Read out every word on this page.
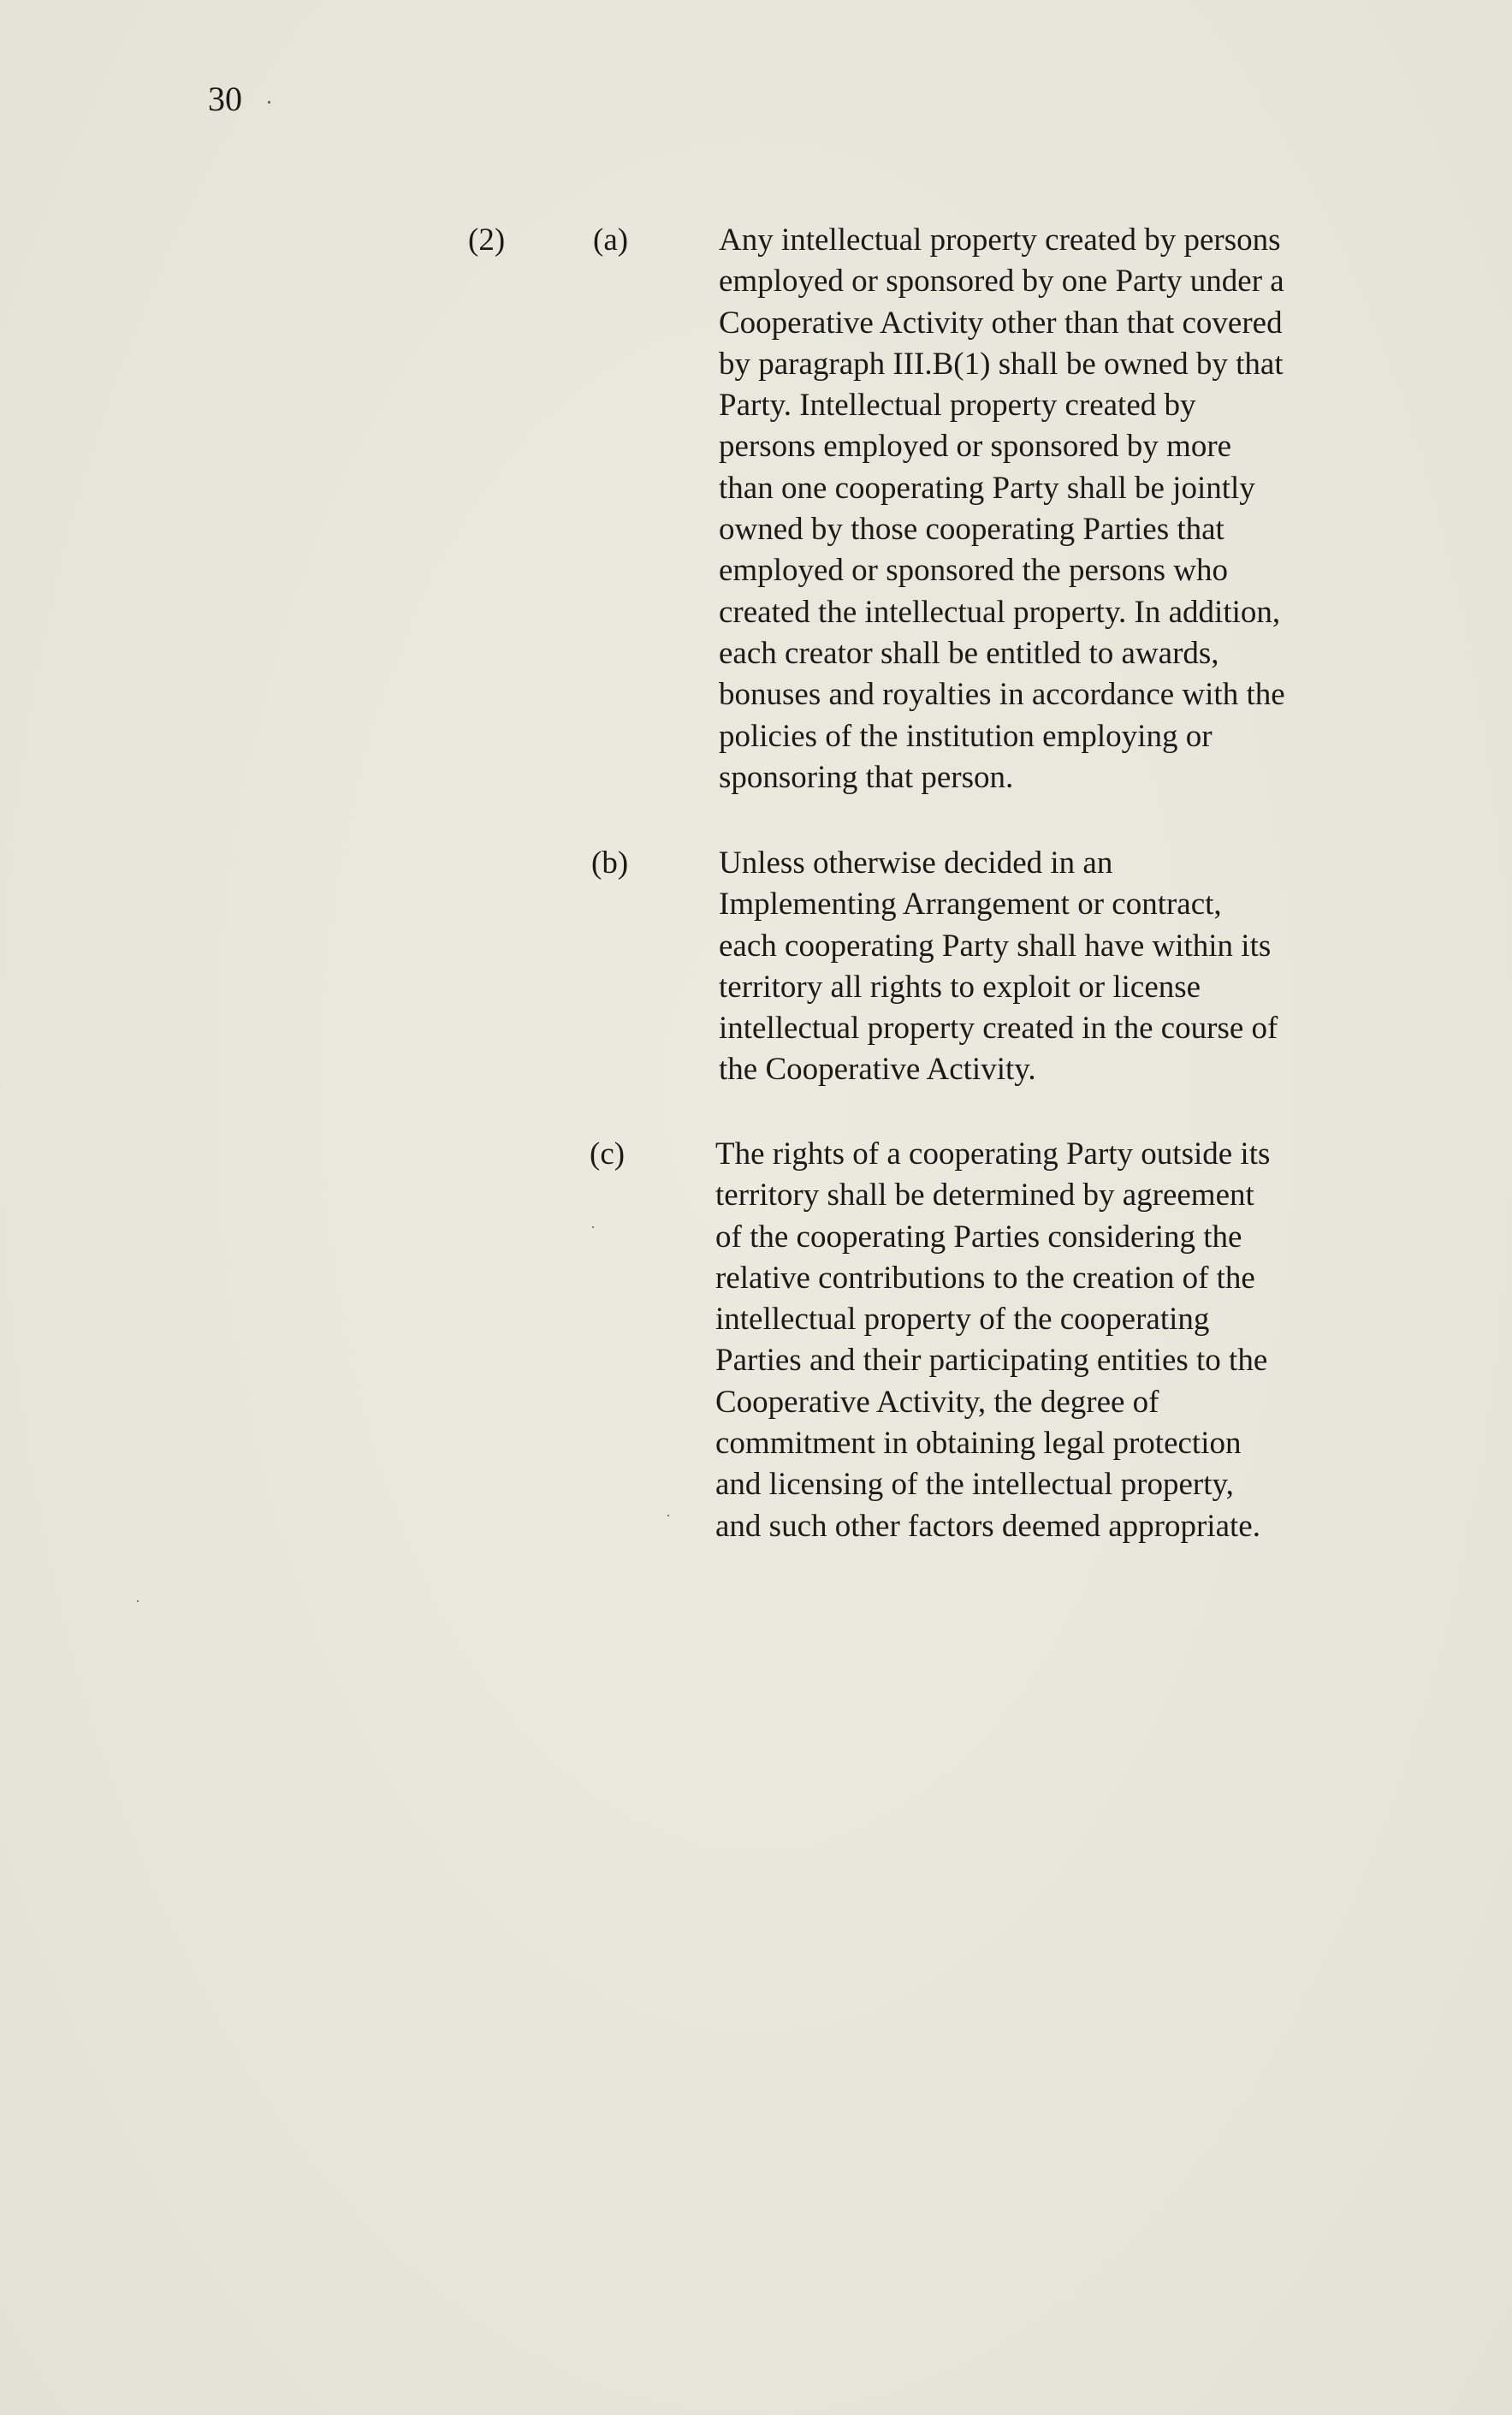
30
(2)	(a)	Any intellectual property created by persons
employed or sponsored by one Party under a
Cooperative Activity other than that covered
by paragraph III.B(1) shall be owned by that
Party. Intellectual property created by
persons employed or sponsored by more
than one cooperating Party shall be jointly
owned by those cooperating Parties that
employed or sponsored the persons who
created the intellectual property. In addition,
each creator shall be entitled to awards,
bonuses and royalties in accordance with the
policies of the institution employing or
sponsoring that person.
(b)	Unless otherwise decided in an
Implementing Arrangement or contract,
each cooperating Party shall have within its
territory all rights to exploit or license
intellectual property created in the course of
the Cooperative Activity.
(c)	The rights of a cooperating Party outside its
territory shall be determined by agreement
of the cooperating Parties considering the
relative contributions to the creation of the
intellectual property of the cooperating
Parties and their participating entities to the
Cooperative Activity, the degree of
commitment in obtaining legal protection
and licensing of the intellectual property,
and such other factors deemed appropriate.
